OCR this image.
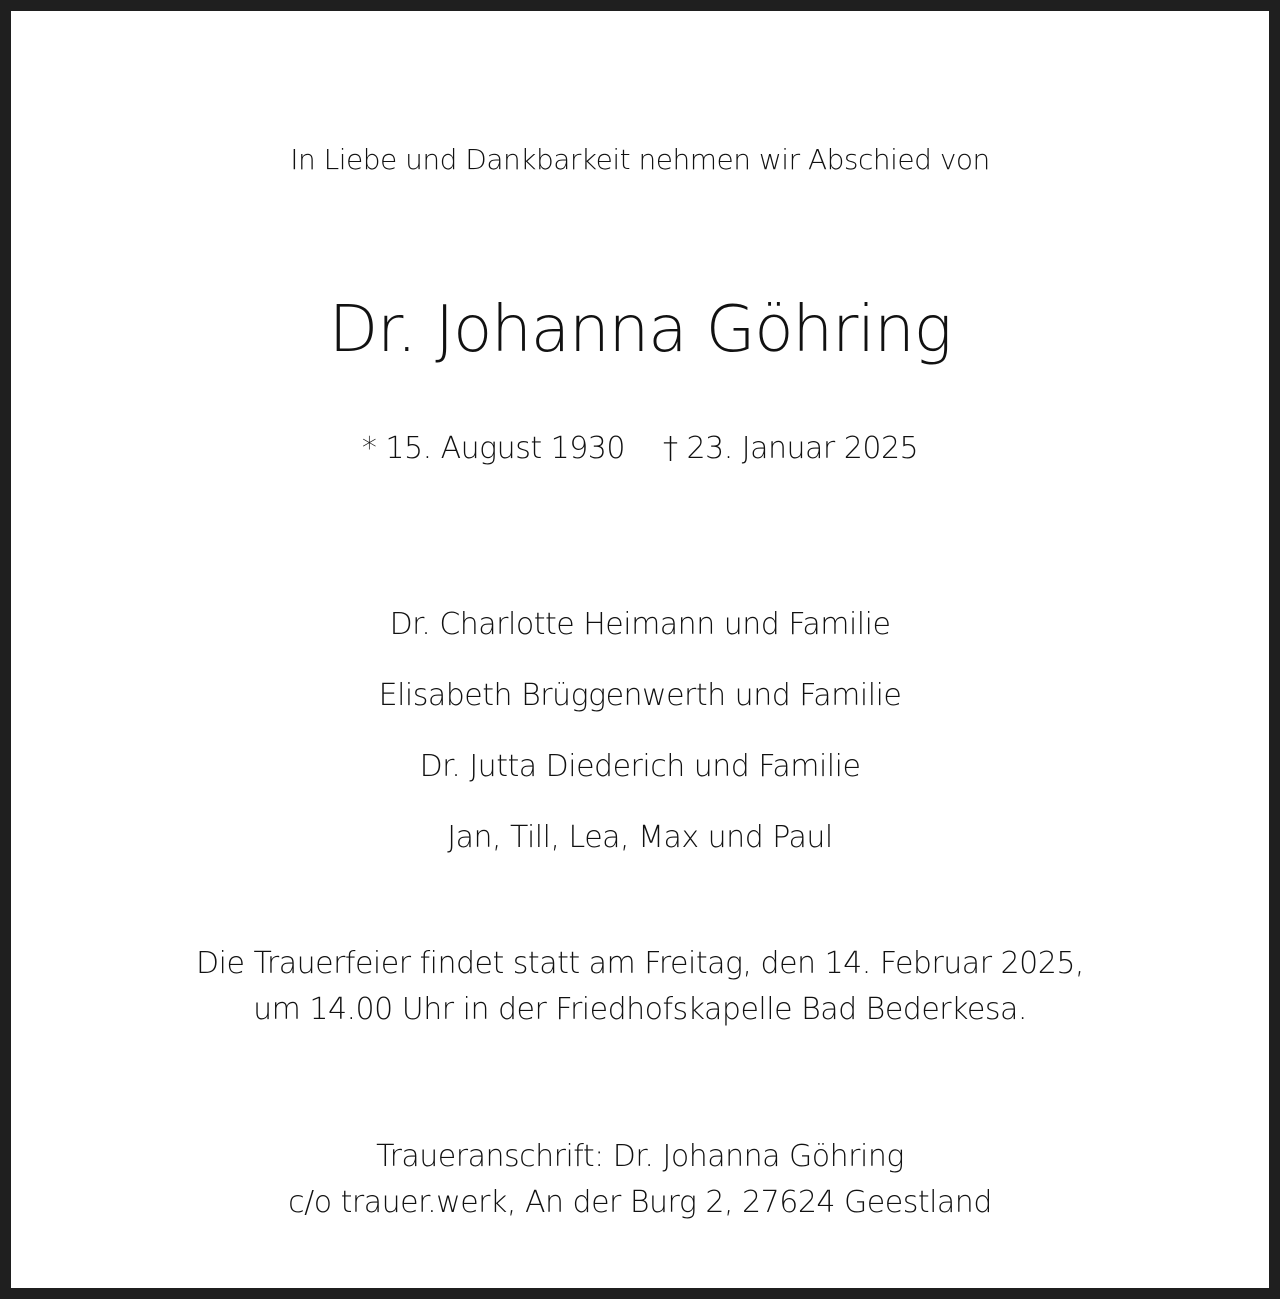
In Liebe und Dankbarkeit nehmen wir Abschied von
Dr. Johanna Göhring
* 15. August 1930 † 23. Januar 2025
Dr. Charlotte Heimann und Familie
Elisabeth Brüggenwerth und Familie
Dr. Jutta Diederich und Familie
Jan, Till, Lea, Max und Paul
Die Trauerfeier findet statt am Freitag, den 14. Februar 2025,
um 14.00 Uhr in der Friedhofskapelle Bad Bederkesa.
Traueranschrift: Dr. Johanna Göhring
c/o trauer.werk, An der Burg 2, 27624 Geestland
